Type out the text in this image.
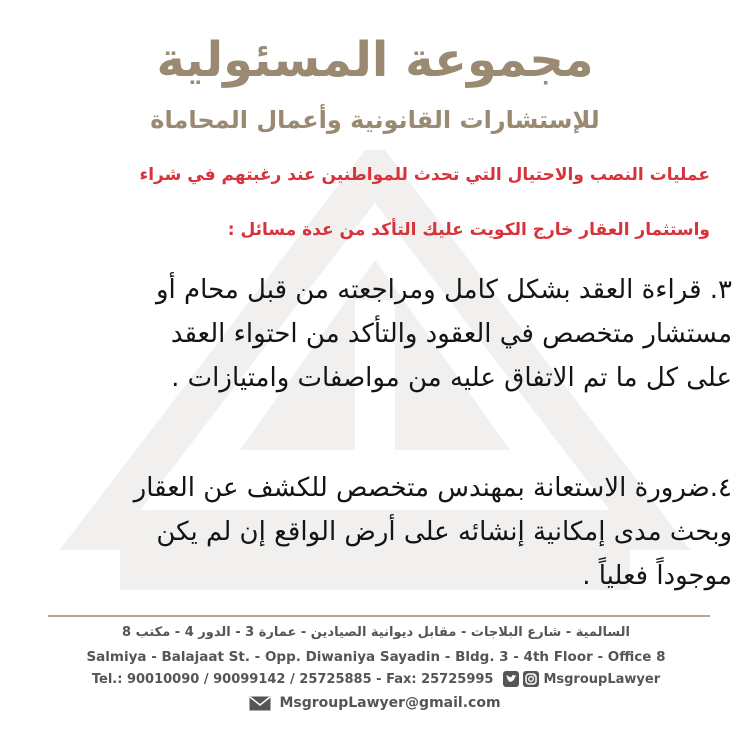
مجموعة المسئولية
للإستشارات القانونية وأعمال المحاماة
عمليات النصب والاحتيال التي تحدث للمواطنين عند رغبتهم في شراء
واستثمار العقار خارج الكويت عليك التأكد من عدة مسائل :
٣. قراءة العقد بشكل كامل ومراجعته من قبل محام أو
مستشار متخصص في العقود والتأكد من احتواء العقد
على كل ما تم الاتفاق عليه من مواصفات وامتيازات .
٤.ضرورة الاستعانة بمهندس متخصص للكشف عن العقار
وبحث مدى إمكانية إنشائه على أرض الواقع إن لم يكن
موجوداً فعلياً .
السالمية - شارع البلاجات - مقابل ديوانية الصيادين - عمارة 3 - الدور 4 - مكتب 8
Salmiya - Balajaat St. - Opp. Diwaniya Sayadin - Bldg. 3 - 4th Floor - Office 8
Tel.: 90010090 / 90099142 / 25725885 - Fax: 25725995	MsgroupLawyer
MsgroupLawyer@gmail.com
